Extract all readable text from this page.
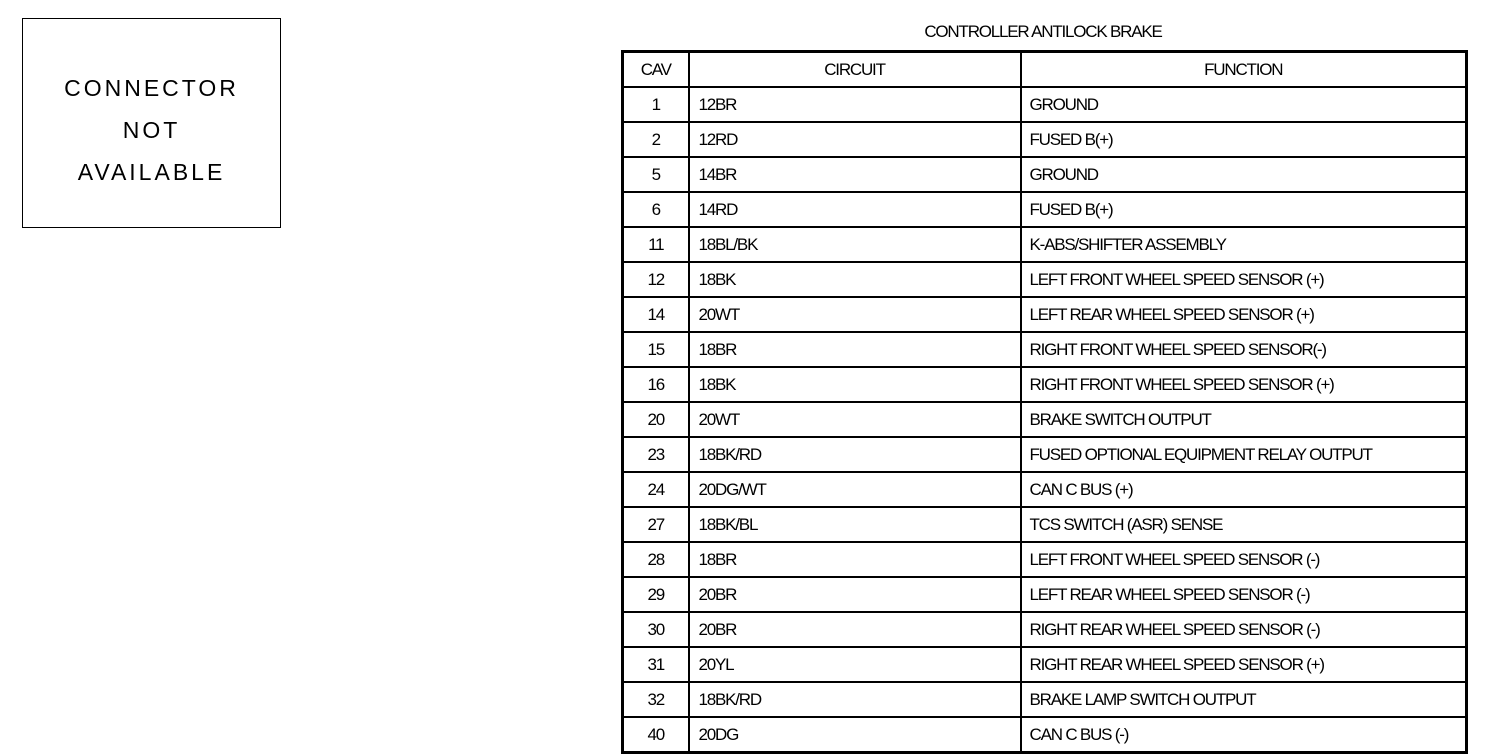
CONNECTOR
NOT
AVAILABLE
CONTROLLER ANTILOCK BRAKE
CAV	CIRCUIT	FUNCTION
1	12BR	GROUND
2	12RD	FUSED B(+)
5	14BR	GROUND
6	14RD	FUSED B(+)
11	18BL/BK	K-ABS/SHIFTER ASSEMBLY
12	18BK	LEFT FRONT WHEEL SPEED SENSOR (+)
14	20WT	LEFT REAR WHEEL SPEED SENSOR (+)
15	18BR	RIGHT FRONT WHEEL SPEED SENSOR(-)
16	18BK	RIGHT FRONT WHEEL SPEED SENSOR (+)
20	20WT	BRAKE SWITCH OUTPUT
23	18BK/RD	FUSED OPTIONAL EQUIPMENT RELAY OUTPUT
24	20DG/WT	CAN C BUS (+)
27	18BK/BL	TCS SWITCH (ASR) SENSE
28	18BR	LEFT FRONT WHEEL SPEED SENSOR (-)
29	20BR	LEFT REAR WHEEL SPEED SENSOR (-)
30	20BR	RIGHT REAR WHEEL SPEED SENSOR (-)
31	20YL	RIGHT REAR WHEEL SPEED SENSOR (+)
32	18BK/RD	BRAKE LAMP SWITCH OUTPUT
40	20DG	CAN C BUS (-)
